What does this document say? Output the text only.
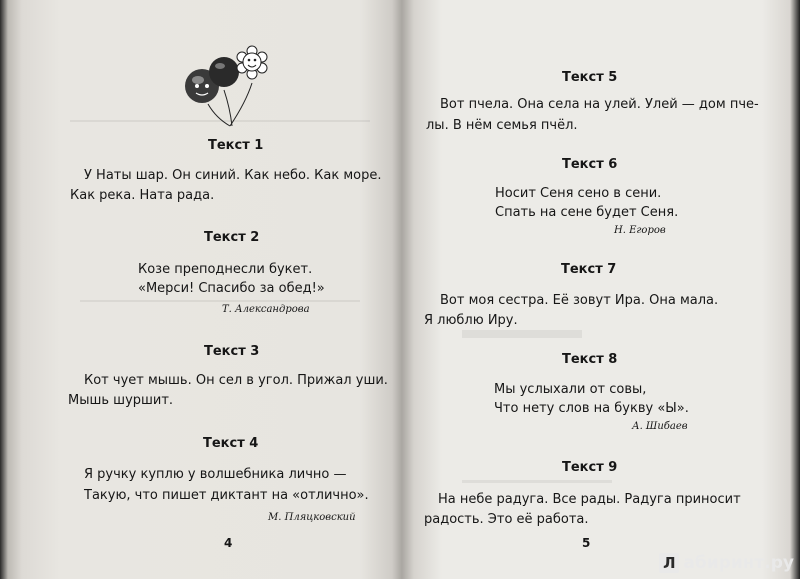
Текст 1
У Наты шар. Он синий. Как небо. Как море.
Как река. Ната рада.
Текст 2
Козе преподнесли букет.
«Мерси! Спасибо за обед!»
Т. Александрова
Текст 3
Кот чует мышь. Он сел в угол. Прижал уши.
Мышь шуршит.
Текст 4
Я ручку куплю у волшебника лично —
Такую, что пишет диктант на «отлично».
М. Пляцковский
4
Текст 5
Вот пчела. Она села на улей. Улей — дом пче-
лы. В нём семья пчёл.
Текст 6
Носит Сеня сено в сени.
Спать на сене будет Сеня.
Н. Егоров
Текст 7
Вот моя сестра. Её зовут Ира. Она мала.
Я люблю Иру.
Текст 8
Мы услыхали от совы,
Что нету слов на букву «Ы».
А. Шибаев
Текст 9
На небе радуга. Все рады. Радуга приносит
радость. Это её работа.
5
Л абиринт.ру
